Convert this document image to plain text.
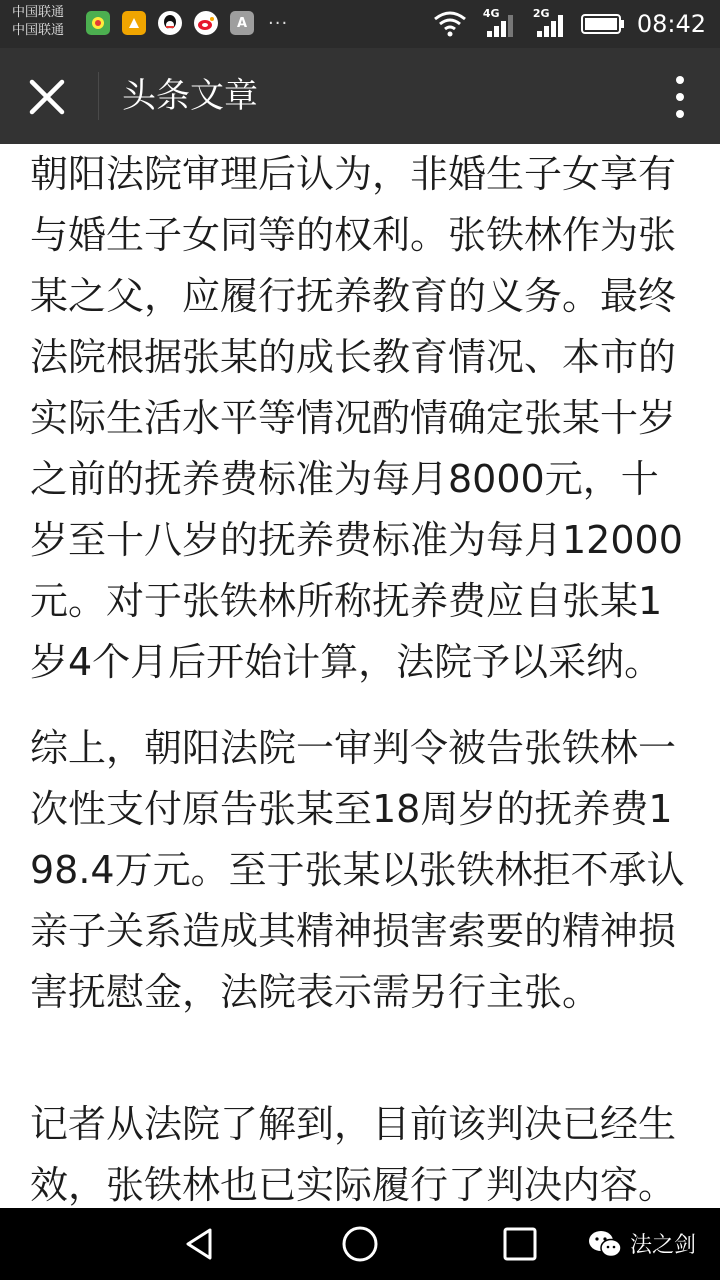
中国联通
中国联通	A	···	4G	2G	08:42
头条文章

朝阳法院审理后认为，非婚生子女享有与婚生子女同等的权利。张铁林作为张某之父，应履行抚养教育的义务。最终法院根据张某的成长教育情况、本市的实际生活水平等情况酌情确定张某十岁之前的抚养费标准为每月8000元，十岁至十八岁的抚养费标准为每月12000元。对于张铁林所称抚养费应自张某1岁4个月后开始计算，法院予以采纳。

综上，朝阳法院一审判令被告张铁林一次性支付原告张某至18周岁的抚养费198.4万元。至于张某以张铁林拒不承认亲子关系造成其精神损害索要的精神损害抚慰金，法院表示需另行主张。

记者从法院了解到，目前该判决已经生效，张铁林也已实际履行了判决内容。

法之剑
